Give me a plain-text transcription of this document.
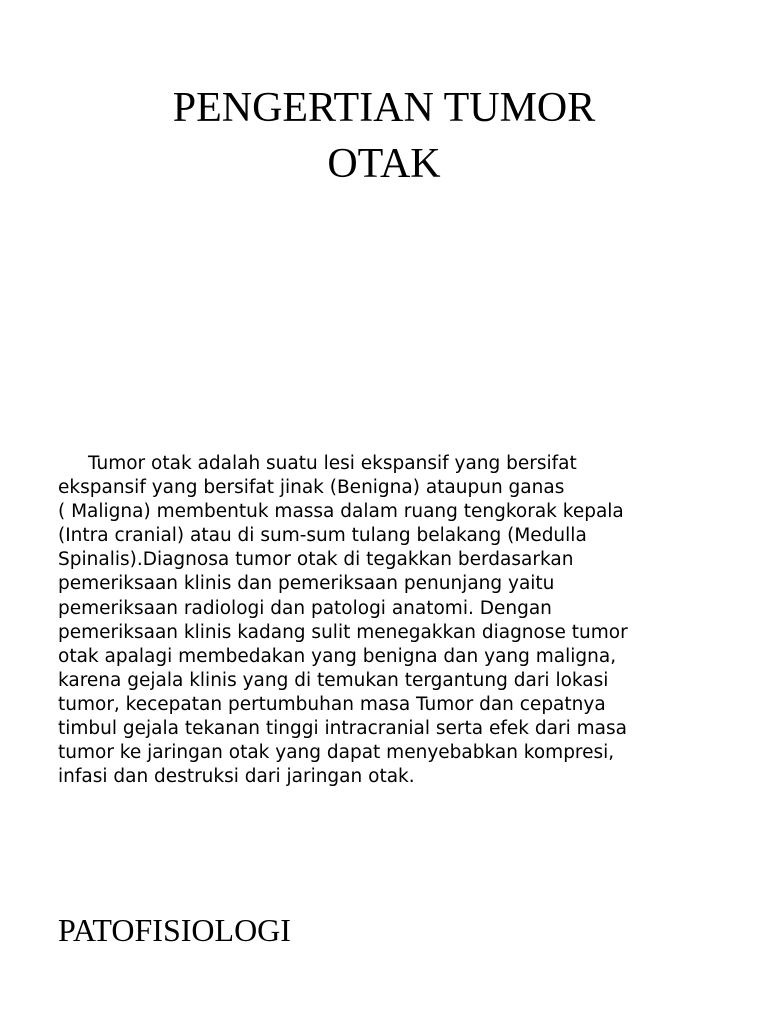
PENGERTIAN TUMOR
OTAK

Tumor otak adalah suatu lesi ekspansif yang bersifat
ekspansif yang bersifat jinak (Benigna) ataupun ganas
( Maligna) membentuk massa dalam ruang tengkorak kepala
(Intra cranial) atau di sum-sum tulang belakang (Medulla
Spinalis).Diagnosa tumor otak di tegakkan berdasarkan
pemeriksaan klinis dan pemeriksaan penunjang yaitu
pemeriksaan radiologi dan patologi anatomi. Dengan
pemeriksaan klinis kadang sulit menegakkan diagnose tumor
otak apalagi membedakan yang benigna dan yang maligna,
karena gejala klinis yang di temukan tergantung dari lokasi
tumor, kecepatan pertumbuhan masa Tumor dan cepatnya
timbul gejala tekanan tinggi intracranial serta efek dari masa
tumor ke jaringan otak yang dapat menyebabkan kompresi,
infasi dan destruksi dari jaringan otak.

PATOFISIOLOGI
